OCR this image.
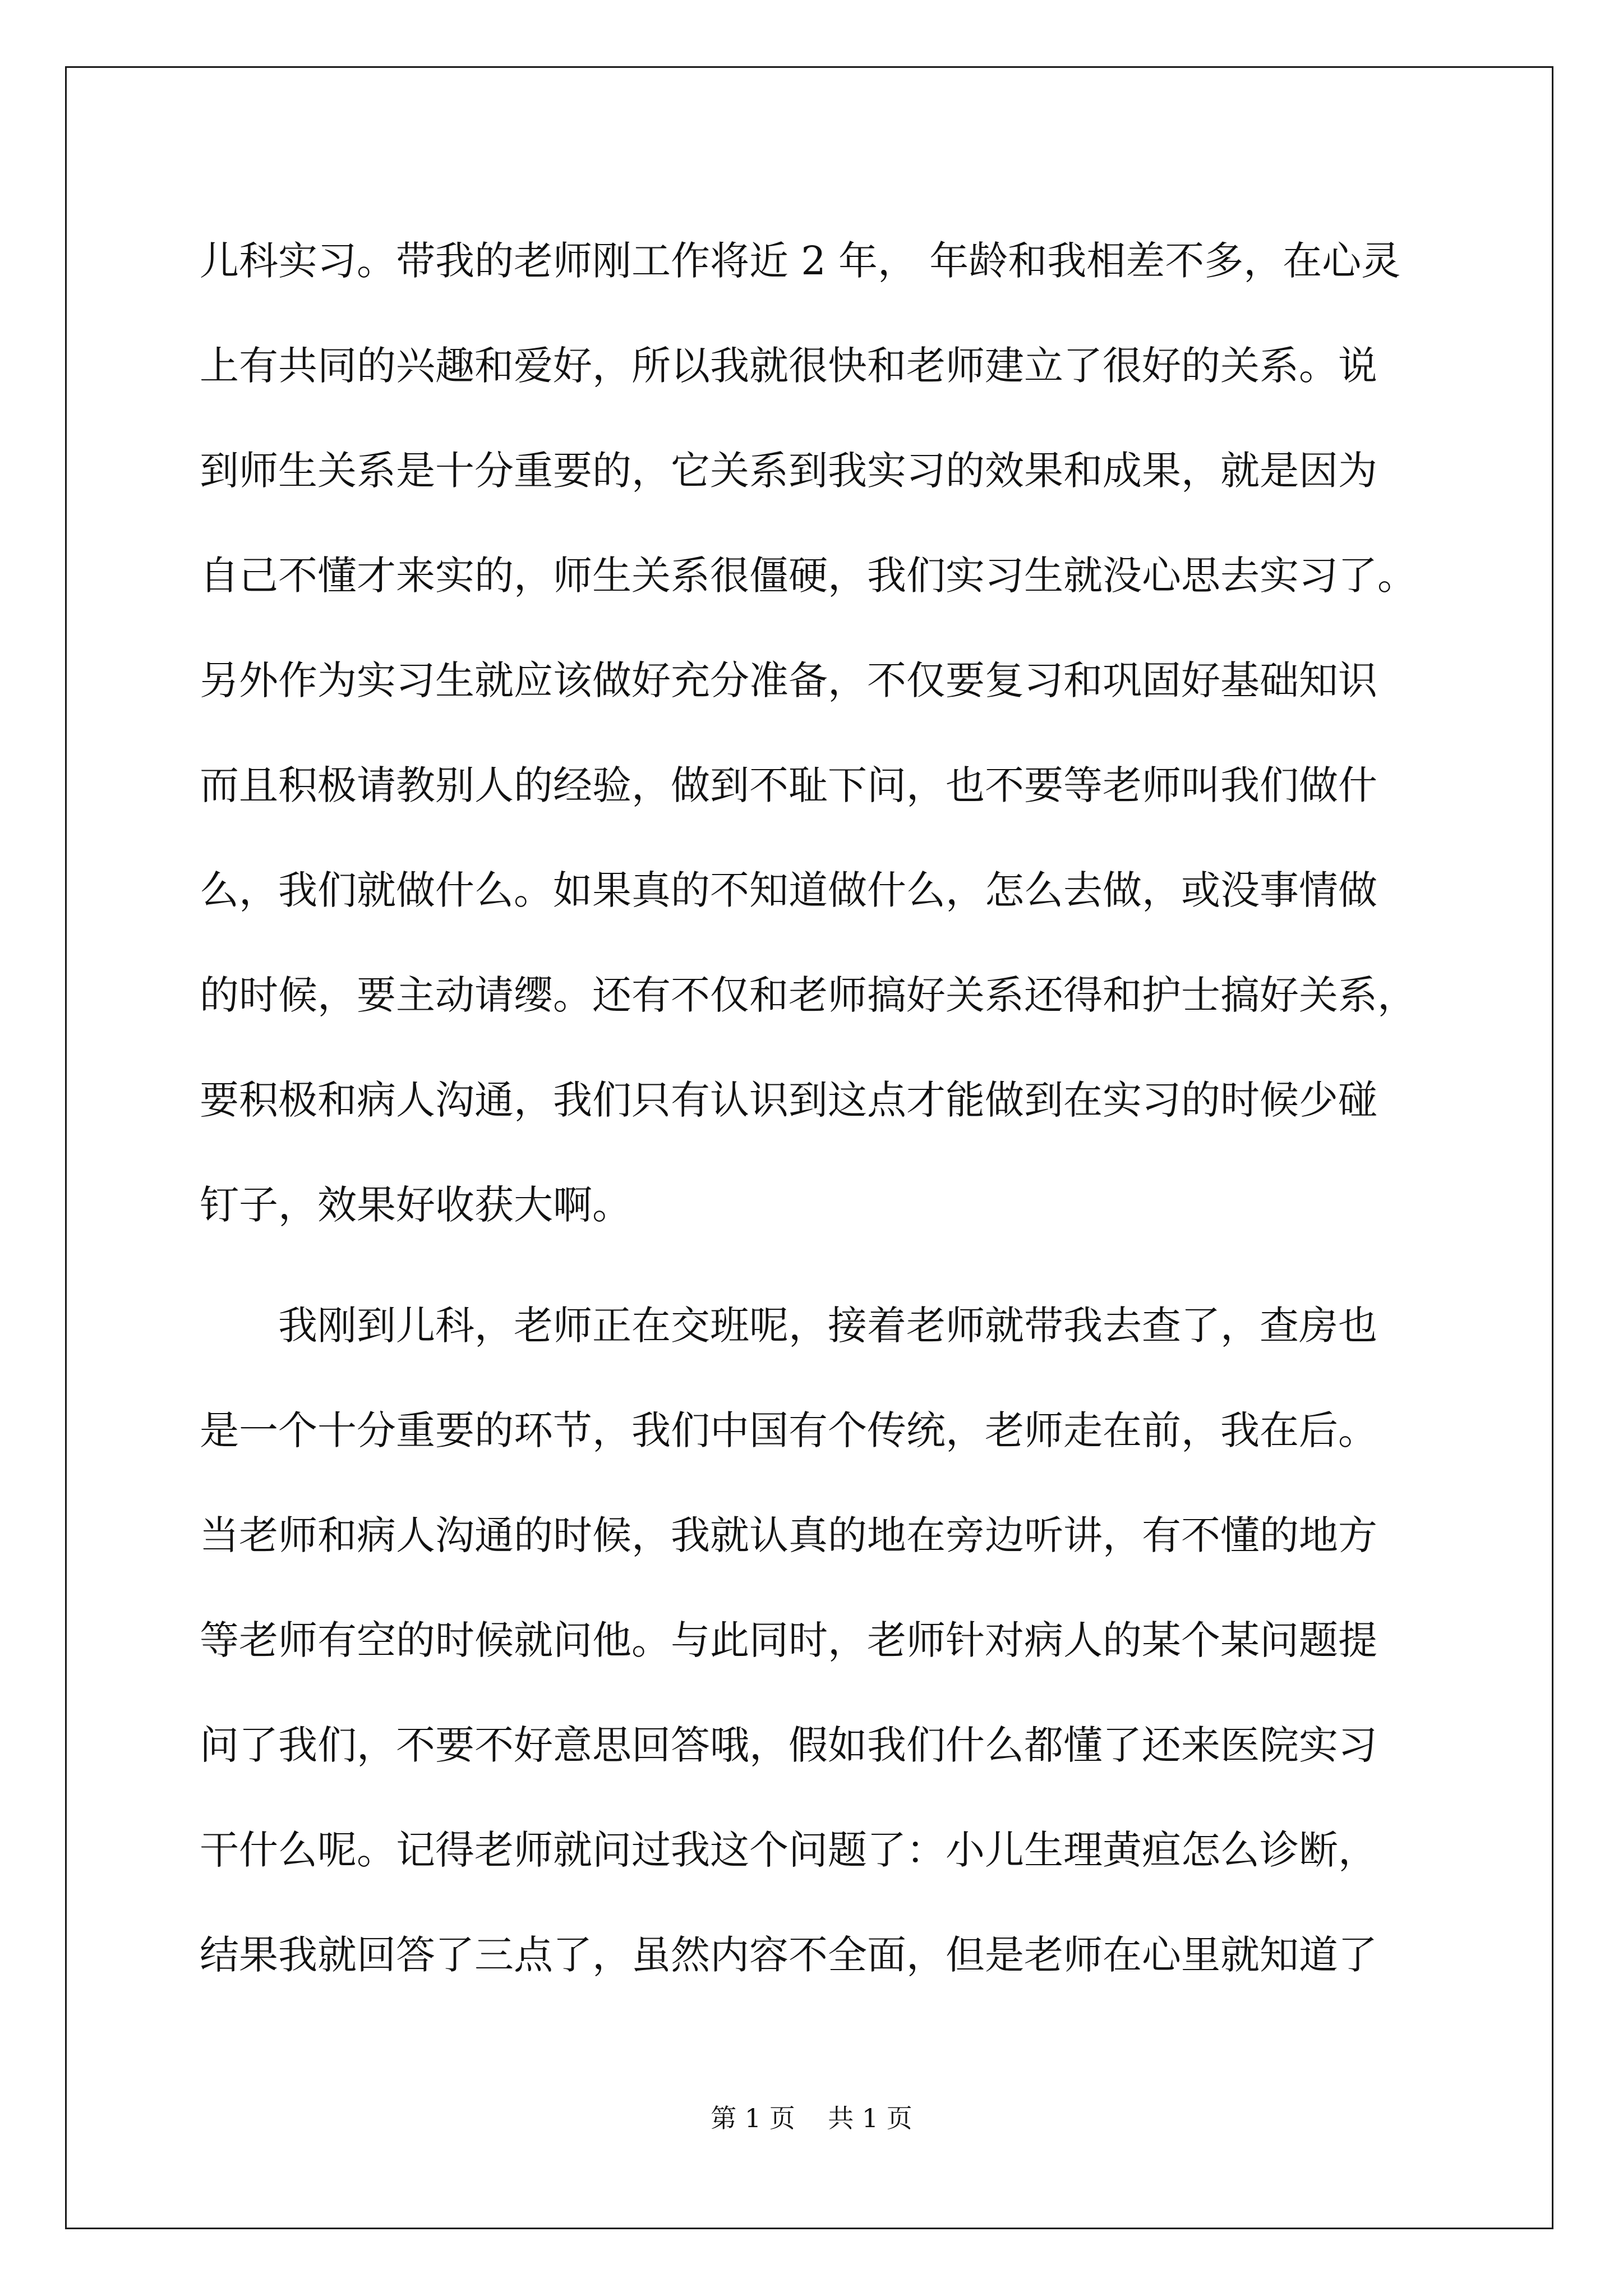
儿科实习。带我的老师刚工作将近 2 年， 年龄和我相差不多，在心灵
上有共同的兴趣和爱好，所以我就很快和老师建立了很好的关系。说
到师生关系是十分重要的，它关系到我实习的效果和成果，就是因为
自己不懂才来实的，师生关系很僵硬，我们实习生就没心思去实习了。
另外作为实习生就应该做好充分准备，不仅要复习和巩固好基础知识
而且积极请教别人的经验，做到不耻下问，也不要等老师叫我们做什
么，我们就做什么。如果真的不知道做什么，怎么去做，或没事情做
的时候，要主动请缨。还有不仅和老师搞好关系还得和护士搞好关系，
要积极和病人沟通，我们只有认识到这点才能做到在实习的时候少碰
钉子，效果好收获大啊。
　　我刚到儿科，老师正在交班呢，接着老师就带我去查了，查房也
是一个十分重要的环节，我们中国有个传统，老师走在前，我在后。
当老师和病人沟通的时候，我就认真的地在旁边听讲，有不懂的地方
等老师有空的时候就问他。与此同时，老师针对病人的某个某问题提
问了我们，不要不好意思回答哦，假如我们什么都懂了还来医院实习
干什么呢。记得老师就问过我这个问题了：小儿生理黄疸怎么诊断，
结果我就回答了三点了，虽然内容不全面，但是老师在心里就知道了
第 1 页    共 1 页
